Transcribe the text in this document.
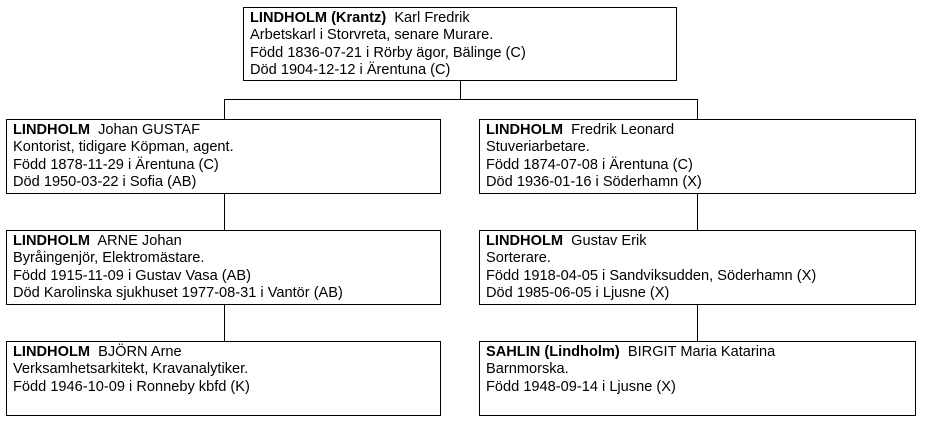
LINDHOLM (Krantz) Karl Fredrik
Arbetskarl i Storvreta, senare Murare.
Född 1836-07-21 i Rörby ägor, Bälinge (C)
Död 1904-12-12 i Ärentuna (C)
LINDHOLM Johan GUSTAF
Kontorist, tidigare Köpman, agent.
Född 1878-11-29 i Ärentuna (C)
Död 1950-03-22 i Sofia (AB)
LINDHOLM Fredrik Leonard
Stuveriarbetare.
Född 1874-07-08 i Ärentuna (C)
Död 1936-01-16 i Söderhamn (X)
LINDHOLM ARNE Johan
Byråingenjör, Elektromästare.
Född 1915-11-09 i Gustav Vasa (AB)
Död Karolinska sjukhuset 1977-08-31 i Vantör (AB)
LINDHOLM Gustav Erik
Sorterare.
Född 1918-04-05 i Sandviksudden, Söderhamn (X)
Död 1985-06-05 i Ljusne (X)
LINDHOLM BJÖRN Arne
Verksamhetsarkitekt, Kravanalytiker.
Född 1946-10-09 i Ronneby kbfd (K)
SAHLIN (Lindholm) BIRGIT Maria Katarina
Barnmorska.
Född 1948-09-14 i Ljusne (X)
